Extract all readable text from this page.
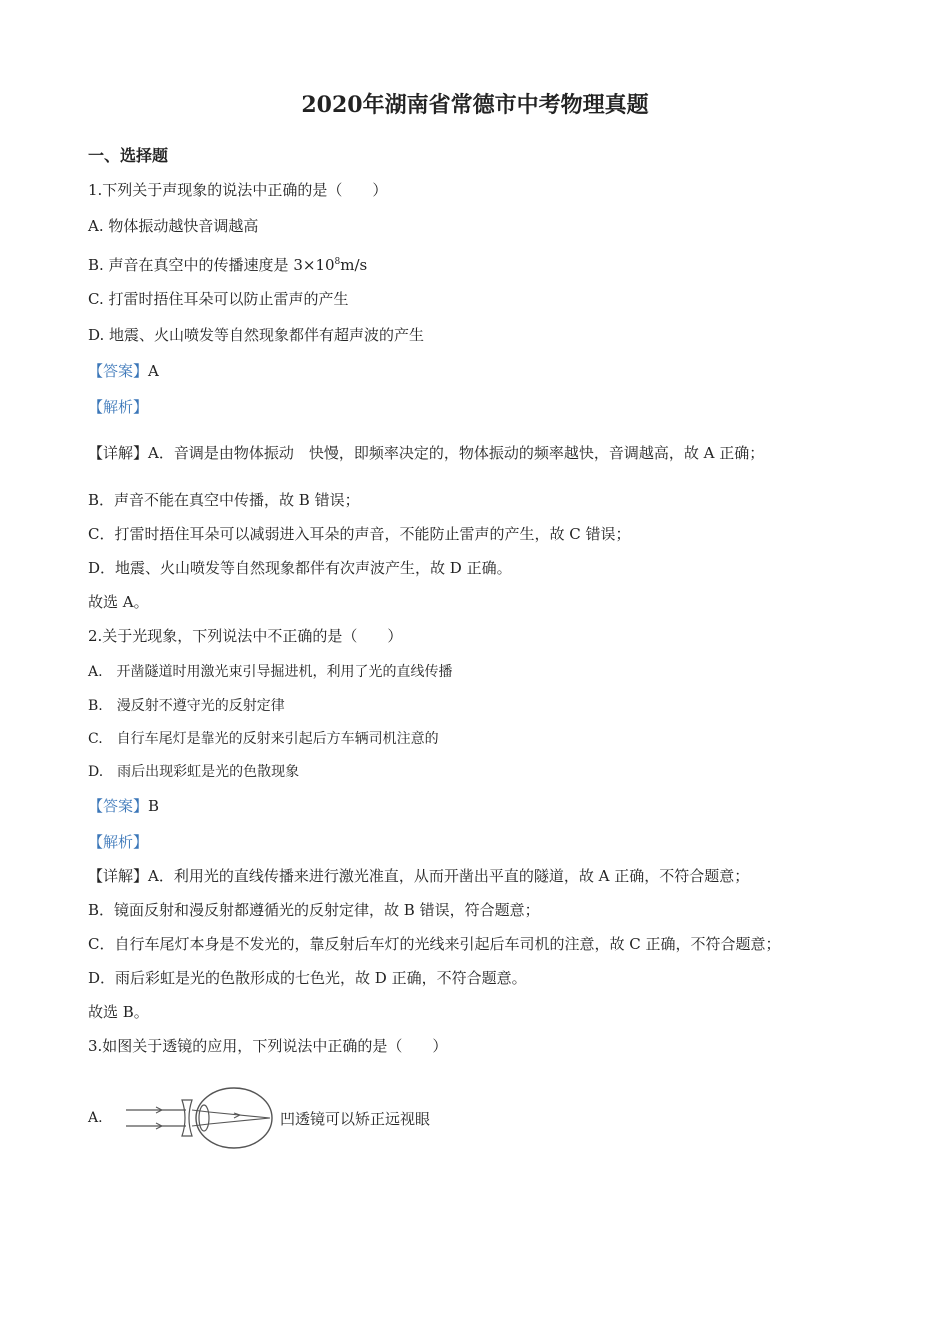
2020年湖南省常德市中考物理真题
一、选择题
1.下列关于声现象的说法中正确的是（　　）
A. 物体振动越快音调越高
B. 声音在真空中的传播速度是 $3\times 10^8m/s$
C. 打雷时捂住耳朵可以防止雷声的产生
D. 地震、火山喷发等自然现象都伴有超声波的产生
【答案】A
【解析】
【详解】A．音调是由物体振动　快慢，即频率决定的，物体振动的频率越快，音调越高，故 A 正确；
B．声音不能在真空中传播，故 B 错误；
C．打雷时捂住耳朵可以减弱进入耳朵的声音，不能防止雷声的产生，故 C 错误；
D．地震、火山喷发等自然现象都伴有次声波产生，故 D 正确。
故选 A。
2.关于光现象，下列说法中不正确的是（　　）
A.　开凿隧道时用激光束引导掘进机，利用了光的直线传播
B.　漫反射不遵守光的反射定律
C.　自行车尾灯是靠光的反射来引起后方车辆司机注意的
D.　雨后出现彩虹是光的色散现象
【答案】B
【解析】
【详解】A．利用光的直线传播来进行激光准直，从而开凿出平直的隧道，故 A 正确，不符合题意；
B．镜面反射和漫反射都遵循光的反射定律，故 B 错误，符合题意；
C．自行车尾灯本身是不发光的，靠反射后车灯的光线来引起后车司机的注意，故 C 正确，不符合题意；
D．雨后彩虹是光的色散形成的七色光，故 D 正确，不符合题意。
故选 B。
3.如图关于透镜的应用，下列说法中正确的是（　　）
A.	凹透镜可以矫正远视眼
